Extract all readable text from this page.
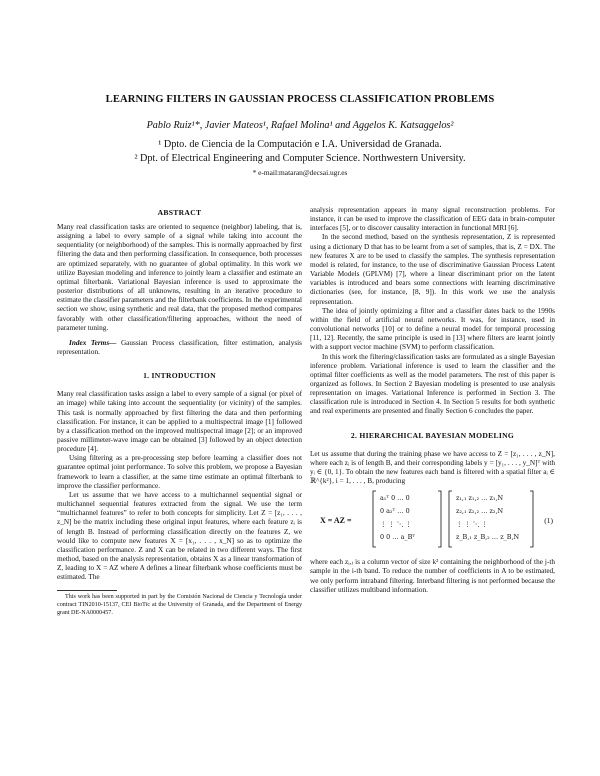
LEARNING FILTERS IN GAUSSIAN PROCESS CLASSIFICATION PROBLEMS
Pablo Ruiz¹*, Javier Mateos¹, Rafael Molina¹ and Aggelos K. Katsaggelos²
¹ Dpto. de Ciencia de la Computación e I.A. Universidad de Granada.
² Dpt. of Electrical Engineering and Computer Science. Northwestern University.
* e-mail:mataran@decsai.ugr.es
ABSTRACT

Many real classification tasks are oriented to sequence (neighbor) labeling, that is, assigning a label to every sample of a signal while taking into account the sequentiality (or neighborhood) of the samples. This is normally approached by first filtering the data and then performing classification. In consequence, both processes are optimized separately, with no guarantee of global optimality. In this work we utilize Bayesian modeling and inference to jointly learn a classifier and estimate an optimal filterbank. Variational Bayesian inference is used to approximate the posterior distributions of all unknowns, resulting in an iterative procedure to estimate the classifier parameters and the filterbank coefficients. In the experimental section we show, using synthetic and real data, that the proposed method compares favorably with other classification/filtering approaches, without the need of parameter tuning.

Index Terms— Gaussian Process classification, filter estimation, analysis representation.

1. INTRODUCTION

Many real classification tasks assign a label to every sample of a signal (or pixel of an image) while taking into account the sequentiality (or vicinity) of the samples. This task is normally approached by first filtering the data and then performing classification. For instance, it can be applied to a multispectral image [1] followed by a classification method on the improved multispectral image [2]; or an improved passive millimeter-wave image can be obtained [3] followed by an object detection procedure [4].

Using filtering as a pre-processing step before learning a classifier does not guarantee optimal joint performance. To solve this problem, we propose a Bayesian framework to learn a classifier, at the same time estimate an optimal filterbank to improve the classifier performance.

Let us assume that we have access to a multichannel sequential signal or multichannel sequential features extracted from the signal. We use the term “multichannel features” to refer to both concepts for simplicity. Let Z = [z₁, . . . , z_N] be the matrix including these original input features, where each feature zᵢ is of length B. Instead of performing classification directly on the features Z, we would like to compute new features X = [x₁, . . . , x_N] so as to optimize the classification performance. Z and X can be related in two different ways. The first method, based on the analysis representation, obtains X as a linear transformation of Z, leading to X = AZ where A defines a linear filterbank whose coefficients must be estimated. The

This work has been supported in part by the Comisión Nacional de Ciencia y Tecnología under contract TIN2010-15137, CEI BioTic at the University of Granada, and the Department of Energy grant DE-NA0000457.

analysis representation appears in many signal reconstruction problems. For instance, it can be used to improve the classification of EEG data in brain-computer interfaces [5], or to discover causality interaction in functional MRI [6].

In the second method, based on the synthesis representation, Z is represented using a dictionary D that has to be learnt from a set of samples, that is, Z = DX. The new features X are to be used to classify the samples. The synthesis representation model is related, for instance, to the use of discriminative Gaussian Process Latent Variable Models (GPLVM) [7], where a linear discriminant prior on the latent variables is introduced and bears some connections with learning discriminative dictionaries (see, for instance, [8, 9]). In this work we use the analysis representation.

The idea of jointly optimizing a filter and a classifier dates back to the 1990s within the field of artificial neural networks. It was, for instance, used in convolutional networks [10] or to define a neural model for temporal processing [11, 12]. Recently, the same principle is used in [13] where filters are learnt jointly with a support vector machine (SVM) to perform classification.

In this work the filtering/classification tasks are formulated as a single Bayesian inference problem. Variational inference is used to learn the classifier and the optimal filter coefficients as well as the model parameters. The rest of this paper is organized as follows. In Section 2 Bayesian modeling is presented to use analysis representation on images. Variational Inference is performed in Section 3. The classification rule is introduced in Section 4. In Section 5 results for both synthetic and real experiments are presented and finally Section 6 concludes the paper.

2. HIERARCHICAL BAYESIAN MODELING

Let us assume that during the training phase we have access to Z = [z₁, . . . , z_N], where each zᵢ is of length B, and their corresponding labels y = [y₁, . . . , y_N]ᵀ with yᵢ ∈ {0, 1}. To obtain the new features each band is filtered with a spatial filter aᵢ ∈ ℝ^{k²}, i = 1, . . . , B, producing

X = AZ =
a₁ᵀ 0 … 0
0 a₂ᵀ … 0
⋮ ⋮ ⋱ ⋮
0 0 … a_Bᵀ
z₁,₁ z₁,₂ … z₁,N
z₂,₁ z₂,₂ … z₂,N
⋮ ⋮ ⋱ ⋮
z_B,₁ z_B,₂ … z_B,N
(1)

where each zᵢ,ⱼ is a column vector of size k² containing the neighborhood of the j-th sample in the i-th band. To reduce the number of coefficients in A to be estimated, we only perform intraband filtering. Interband filtering is not performed because the classifier utilizes multiband information.
